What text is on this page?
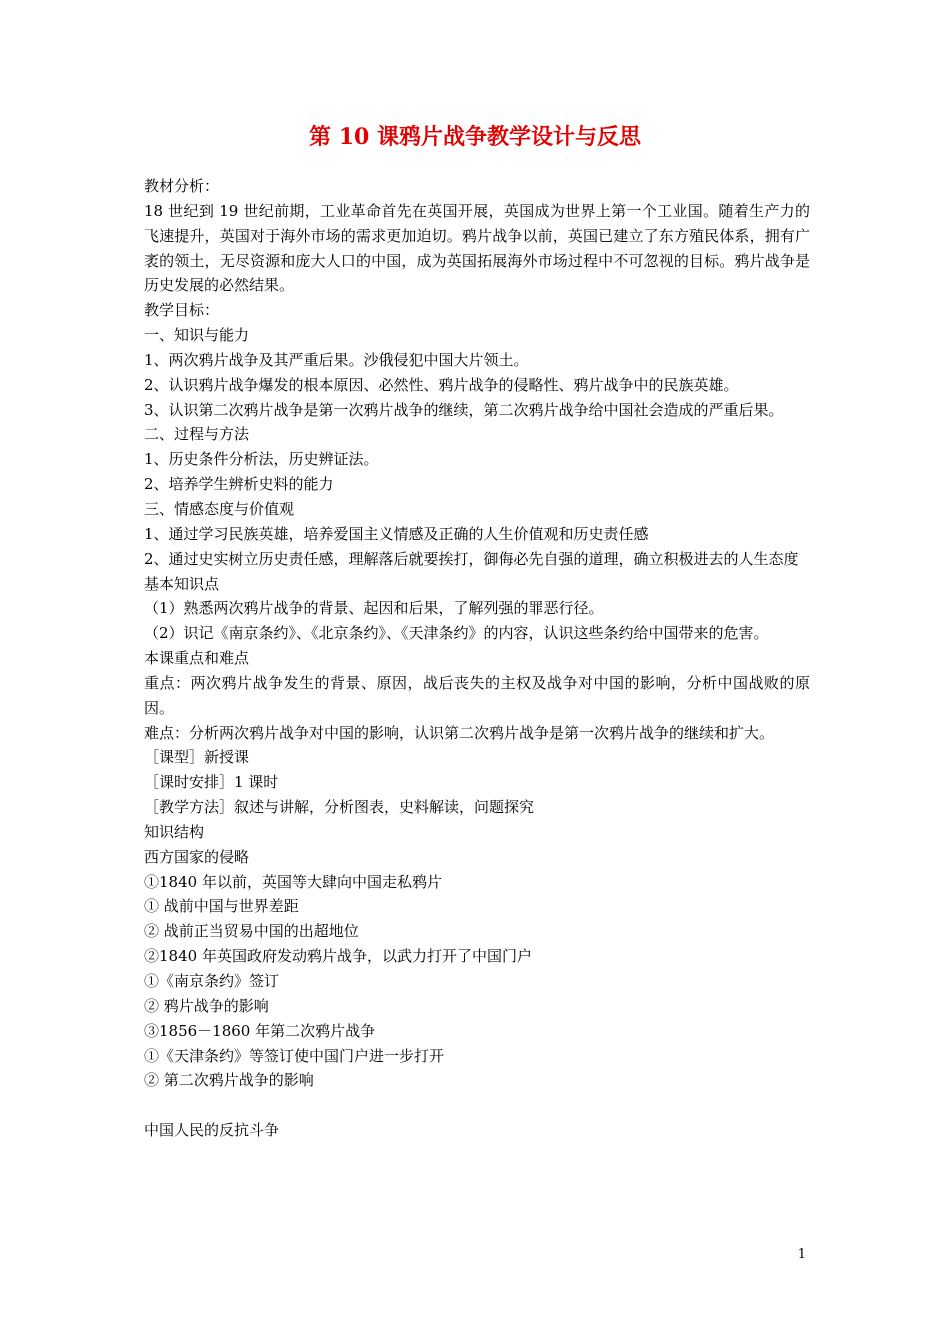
第 10 课鸦片战争教学设计与反思

教材分析：

18 世纪到 19 世纪前期，工业革命首先在英国开展，英国成为世界上第一个工业国。随着生产力的飞速提升，英国对于海外市场的需求更加迫切。鸦片战争以前，英国已建立了东方殖民体系，拥有广袤的领土，无尽资源和庞大人口的中国，成为英国拓展海外市场过程中不可忽视的目标。鸦片战争是历史发展的必然结果。

教学目标：

一、知识与能力

1、两次鸦片战争及其严重后果。沙俄侵犯中国大片领土。

2、认识鸦片战争爆发的根本原因、必然性、鸦片战争的侵略性、鸦片战争中的民族英雄。

3、认识第二次鸦片战争是第一次鸦片战争的继续，第二次鸦片战争给中国社会造成的严重后果。

二、过程与方法

1、历史条件分析法，历史辨证法。

2、培养学生辨析史料的能力

三、情感态度与价值观

1、通过学习民族英雄，培养爱国主义情感及正确的人生价值观和历史责任感

2、通过史实树立历史责任感，理解落后就要挨打，御侮必先自强的道理，确立积极进去的人生态度

基本知识点

（1）熟悉两次鸦片战争的背景、起因和后果，了解列强的罪恶行径。

（2）识记《南京条约》、《北京条约》、《天津条约》的内容，认识这些条约给中国带来的危害。

本课重点和难点

重点：两次鸦片战争发生的背景、原因，战后丧失的主权及战争对中国的影响，分析中国战败的原因。

难点：分析两次鸦片战争对中国的影响，认识第二次鸦片战争是第一次鸦片战争的继续和扩大。

［课型］新授课

［课时安排］1 课时

［教学方法］叙述与讲解，分析图表，史料解读，问题探究

知识结构

西方国家的侵略

①1840 年以前，英国等大肆向中国走私鸦片

① 战前中国与世界差距

② 战前正当贸易中国的出超地位

②1840 年英国政府发动鸦片战争，以武力打开了中国门户

①《南京条约》签订

② 鸦片战争的影响

③1856－1860 年第二次鸦片战争

①《天津条约》等签订使中国门户进一步打开

② 第二次鸦片战争的影响

中国人民的反抗斗争

1
